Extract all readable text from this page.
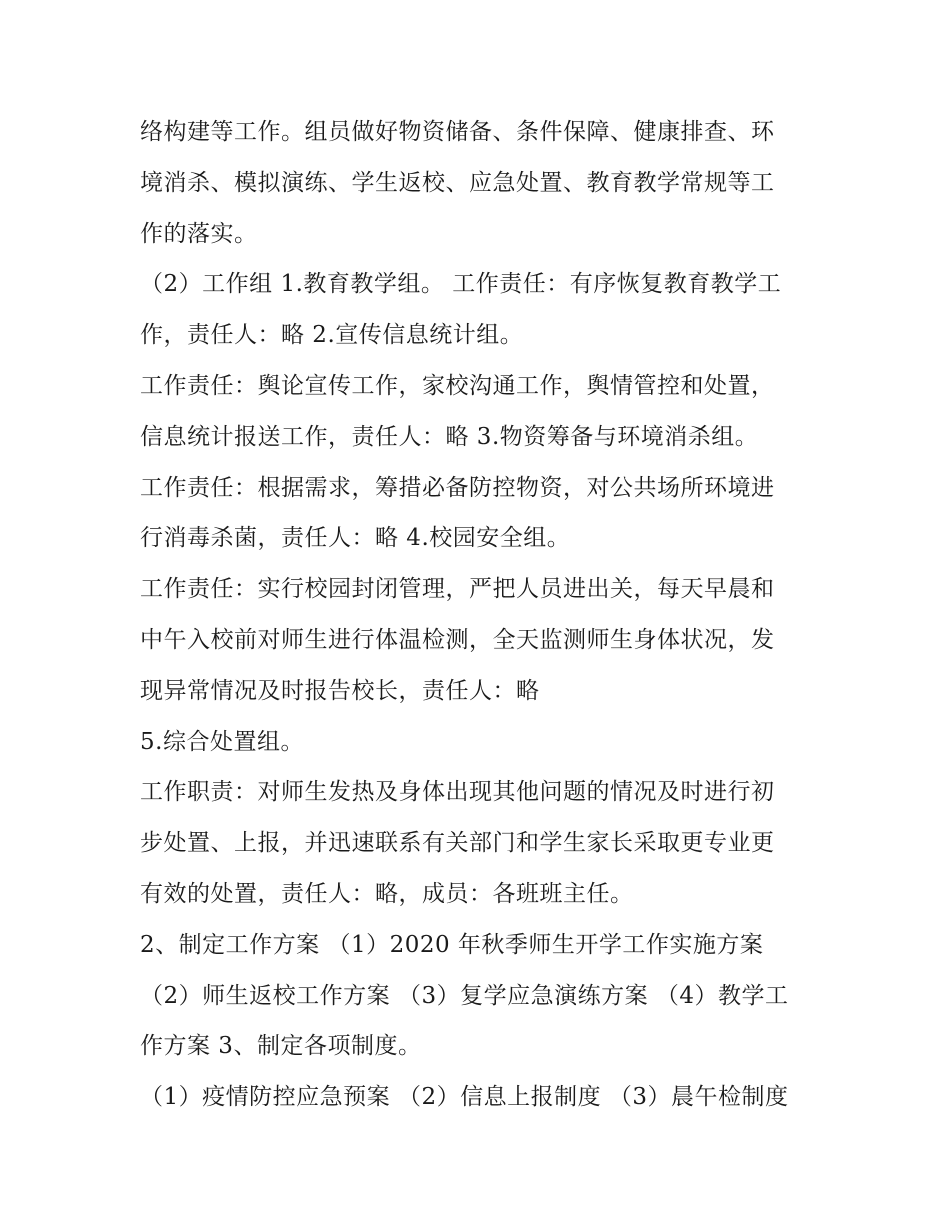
络构建等工作。组员做好物资储备、条件保障、健康排查、环
境消杀、模拟演练、学生返校、应急处置、教育教学常规等工
作的落实。
（2）工作组 1.教育教学组。 工作责任：有序恢复教育教学工
作，责任人：略 2.宣传信息统计组。
工作责任：舆论宣传工作，家校沟通工作，舆情管控和处置，
信息统计报送工作，责任人：略 3.物资筹备与环境消杀组。
工作责任：根据需求，筹措必备防控物资，对公共场所环境进
行消毒杀菌，责任人：略 4.校园安全组。
工作责任：实行校园封闭管理，严把人员进出关，每天早晨和
中午入校前对师生进行体温检测，全天监测师生身体状况，发
现异常情况及时报告校长，责任人：略
5.综合处置组。
工作职责：对师生发热及身体出现其他问题的情况及时进行初
步处置、上报，并迅速联系有关部门和学生家长采取更专业更
有效的处置，责任人：略，成员：各班班主任。
2、制定工作方案 （1）2020 年秋季师生开学工作实施方案
（2）师生返校工作方案 （3）复学应急演练方案 （4）教学工
作方案 3、制定各项制度。
（1）疫情防控应急预案 （2）信息上报制度 （3）晨午检制度
